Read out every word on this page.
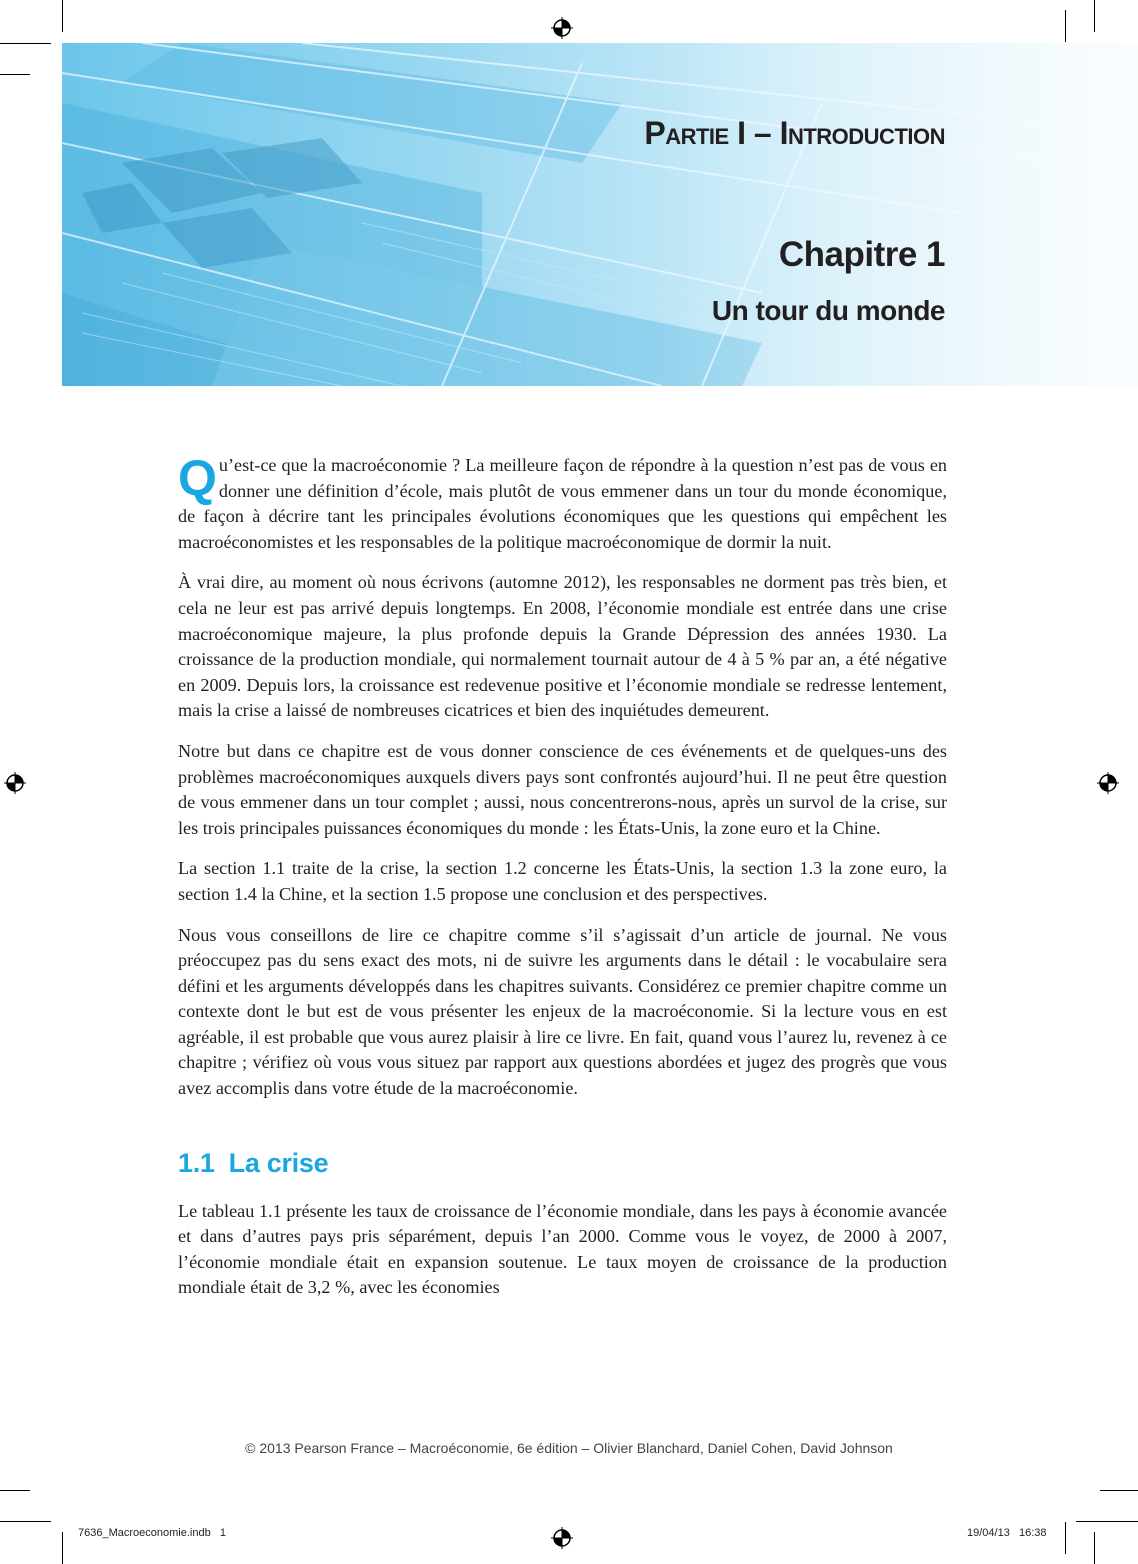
Partie I – Introduction
Chapitre 1
Un tour du monde

Qu’est-ce que la macroéconomie ? La meilleure façon de répondre à la question n’est pas de vous en donner une définition d’école, mais plutôt de vous emmener dans un tour du monde économique, de façon à décrire tant les principales évolutions économiques que les questions qui empêchent les macroéconomistes et les responsables de la politique macroéconomique de dormir la nuit.

À vrai dire, au moment où nous écrivons (automne 2012), les responsables ne dorment pas très bien, et cela ne leur est pas arrivé depuis longtemps. En 2008, l’économie mondiale est entrée dans une crise macroéconomique majeure, la plus profonde depuis la Grande Dépression des années 1930. La croissance de la production mondiale, qui normalement tournait autour de 4 à 5 % par an, a été négative en 2009. Depuis lors, la croissance est redevenue positive et l’économie mondiale se redresse lentement, mais la crise a laissé de nombreuses cicatrices et bien des inquiétudes demeurent.

Notre but dans ce chapitre est de vous donner conscience de ces événements et de quelques-uns des problèmes macroéconomiques auxquels divers pays sont confrontés aujourd’hui. Il ne peut être question de vous emmener dans un tour complet ; aussi, nous concentrerons-nous, après un survol de la crise, sur les trois principales puissances économiques du monde : les États-Unis, la zone euro et la Chine.

La section 1.1 traite de la crise, la section 1.2 concerne les États-Unis, la section 1.3 la zone euro, la section 1.4 la Chine, et la section 1.5 propose une conclusion et des perspectives.

Nous vous conseillons de lire ce chapitre comme s’il s’agissait d’un article de journal. Ne vous préoccupez pas du sens exact des mots, ni de suivre les arguments dans le détail : le vocabulaire sera défini et les arguments développés dans les chapitres suivants. Considérez ce premier chapitre comme un contexte dont le but est de vous présenter les enjeux de la macroéconomie. Si la lecture vous en est agréable, il est probable que vous aurez plaisir à lire ce livre. En fait, quand vous l’aurez lu, revenez à ce chapitre ; vérifiez où vous vous situez par rapport aux questions abordées et jugez des progrès que vous avez accomplis dans votre étude de la macroéconomie.

1.1 La crise

Le tableau 1.1 présente les taux de croissance de l’économie mondiale, dans les pays à économie avancée et dans d’autres pays pris séparément, depuis l’an 2000. Comme vous le voyez, de 2000 à 2007, l’économie mondiale était en expansion soutenue. Le taux moyen de croissance de la production mondiale était de 3,2 %, avec les économies

© 2013 Pearson France – Macroéconomie, 6e édition – Olivier Blanchard, Daniel Cohen, David Johnson
7636_Macroeconomie.indb   1	19/04/13   16:38
